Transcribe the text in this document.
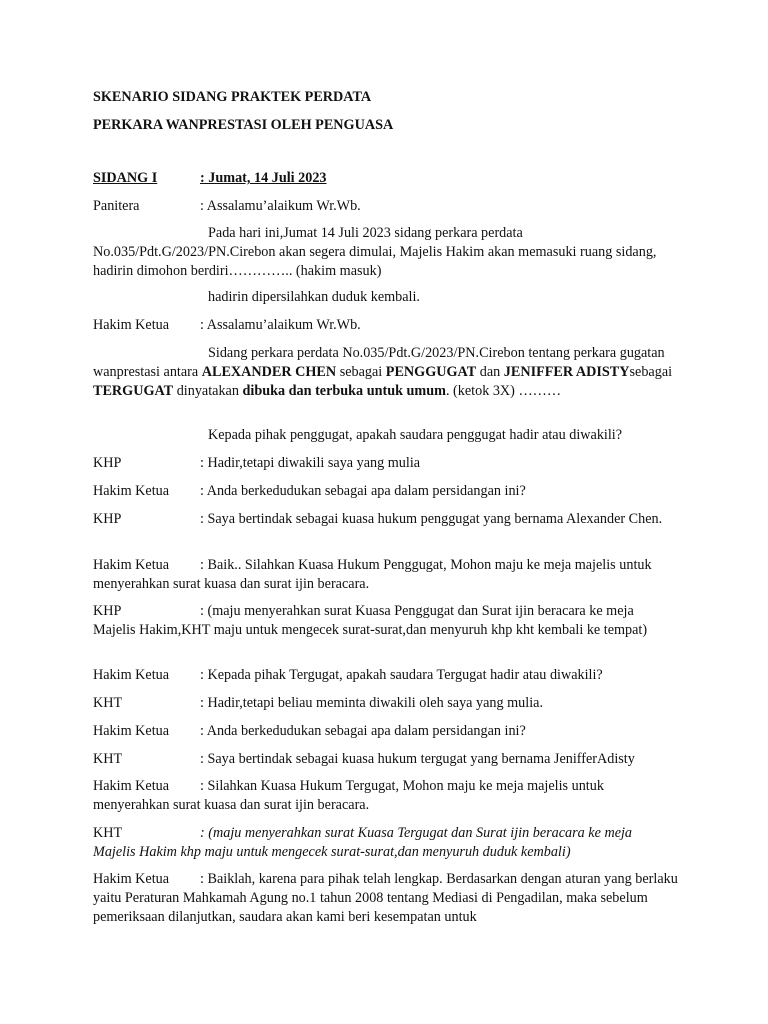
SKENARIO SIDANG PRAKTEK PERDATA

PERKARA WANPRESTASI OLEH PENGUASA

SIDANG I	: Jumat, 14 Juli 2023
Panitera	: Assalamu’alaikum Wr.Wb.

Pada hari ini,Jumat 14 Juli 2023 sidang perkara perdata No.035/Pdt.G/2023/PN.Cirebon akan segera dimulai, Majelis Hakim akan memasuki ruang sidang, hadirin dimohon berdiri………….. (hakim masuk)

hadirin dipersilahkan duduk kembali.

Hakim Ketua	: Assalamu’alaikum Wr.Wb.

Sidang perkara perdata No.035/Pdt.G/2023/PN.Cirebon tentang perkara gugatan wanprestasi antara ALEXANDER CHEN sebagai PENGGUGAT dan JENIFFER ADISTYsebagai TERGUGAT dinyatakan dibuka dan terbuka untuk umum. (ketok 3X) ………

Kepada pihak penggugat, apakah saudara penggugat hadir atau diwakili?

KHP	: Hadir,tetapi diwakili saya yang mulia

Hakim Ketua	: Anda berkedudukan sebagai apa dalam persidangan ini?

KHP	: Saya bertindak sebagai kuasa hukum penggugat yang bernama Alexander Chen.

Hakim Ketua	: Baik.. Silahkan Kuasa Hukum Penggugat, Mohon maju ke meja majelis untuk menyerahkan surat kuasa dan surat ijin beracara.

KHP	: (maju menyerahkan surat Kuasa Penggugat dan Surat ijin beracara ke meja Majelis Hakim,KHT maju untuk mengecek surat-surat,dan menyuruh khp kht kembali ke tempat)

Hakim Ketua	: Kepada pihak Tergugat, apakah saudara Tergugat hadir atau diwakili?

KHT	: Hadir,tetapi beliau meminta diwakili oleh saya yang mulia.

Hakim Ketua	: Anda berkedudukan sebagai apa dalam persidangan ini?

KHT	: Saya bertindak sebagai kuasa hukum tergugat yang bernama JenifferAdisty

Hakim Ketua	: Silahkan Kuasa Hukum Tergugat, Mohon maju ke meja majelis untuk menyerahkan surat kuasa dan surat ijin beracara.

KHT	: (maju menyerahkan surat Kuasa Tergugat dan Surat ijin beracara ke meja Majelis Hakim khp maju untuk mengecek surat-surat,dan menyuruh duduk kembali)

Hakim Ketua	: Baiklah, karena para pihak telah lengkap. Berdasarkan dengan aturan yang berlaku yaitu Peraturan Mahkamah Agung no.1 tahun 2008 tentang Mediasi di Pengadilan, maka sebelum pemeriksaan dilanjutkan, saudara akan kami beri kesempatan untuk
